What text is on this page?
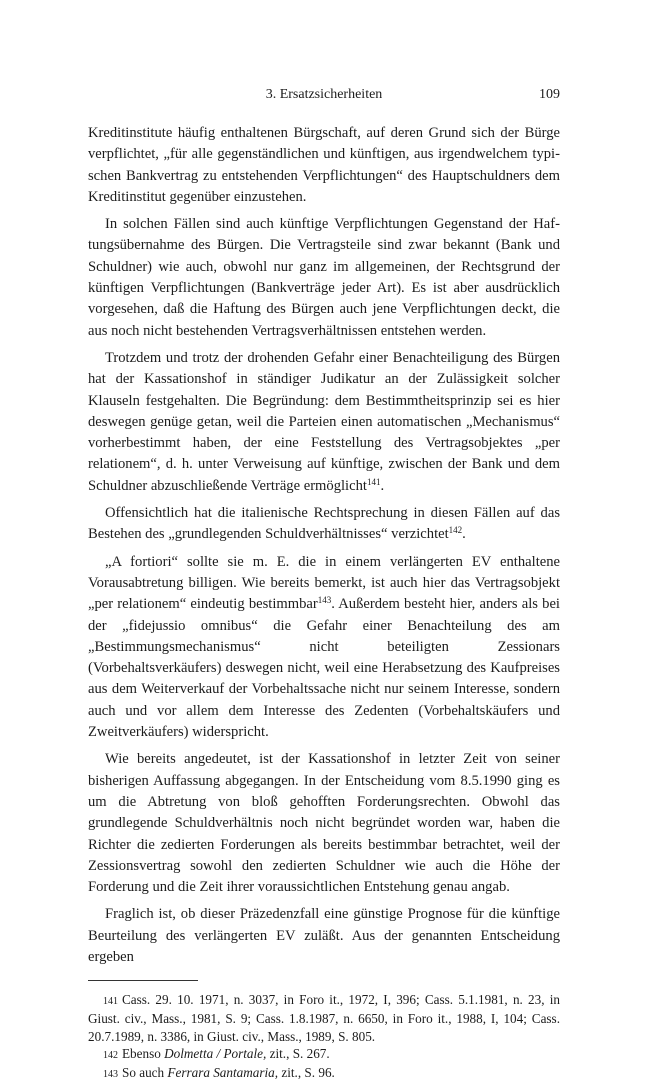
3. Ersatzsicherheiten	109

Kreditinstitute häufig enthaltenen Bürgschaft, auf deren Grund sich der Bürge verpflichtet, „für alle gegenständlichen und künftigen, aus irgendwelchem typischen Bankvertrag zu entstehenden Verpflichtungen“ des Hauptschuldners dem Kreditinstitut gegenüber einzustehen.

In solchen Fällen sind auch künftige Verpflichtungen Gegenstand der Haftungsübernahme des Bürgen. Die Vertragsteile sind zwar bekannt (Bank und Schuldner) wie auch, obwohl nur ganz im allgemeinen, der Rechtsgrund der künftigen Verpflichtungen (Bankverträge jeder Art). Es ist aber ausdrücklich vorgesehen, daß die Haftung des Bürgen auch jene Verpflichtungen deckt, die aus noch nicht bestehenden Vertragsverhältnissen entstehen werden.

Trotzdem und trotz der drohenden Gefahr einer Benachteiligung des Bürgen hat der Kassationshof in ständiger Judikatur an der Zulässigkeit solcher Klauseln festgehalten. Die Begründung: dem Bestimmtheitsprinzip sei es hier deswegen genüge getan, weil die Parteien einen automatischen „Mechanismus“ vorherbestimmt haben, der eine Feststellung des Vertragsobjektes „per relationem“, d. h. unter Verweisung auf künftige, zwischen der Bank und dem Schuldner abzuschließende Verträge ermöglicht$^{141}$.

Offensichtlich hat die italienische Rechtsprechung in diesen Fällen auf das Bestehen des „grundlegenden Schuldverhältnisses“ verzichtet$^{142}$.

„A fortiori“ sollte sie m. E. die in einem verlängerten EV enthaltene Vorausabtretung billigen. Wie bereits bemerkt, ist auch hier das Vertragsobjekt „per relationem“ eindeutig bestimmbar$^{143}$. Außerdem besteht hier, anders als bei der „fidejussio omnibus“ die Gefahr einer Benachteilung des am „Bestimmungsmechanismus“ nicht beteiligten Zessionars (Vorbehaltsverkäufers) deswegen nicht, weil eine Herabsetzung des Kaufpreises aus dem Weiterverkauf der Vorbehaltssache nicht nur seinem Interesse, sondern auch und vor allem dem Interesse des Zedenten (Vorbehaltskäufers und Zweitverkäufers) widerspricht.

Wie bereits angedeutet, ist der Kassationshof in letzter Zeit von seiner bisherigen Auffassung abgegangen. In der Entscheidung vom 8.5.1990 ging es um die Abtretung von bloß gehofften Forderungsrechten. Obwohl das grundlegende Schuldverhältnis noch nicht begründet worden war, haben die Richter die zedierten Forderungen als bereits bestimmbar betrachtet, weil der Zessionsvertrag sowohl den zedierten Schuldner wie auch die Höhe der Forderung und die Zeit ihrer voraussichtlichen Entstehung genau angab.

Fraglich ist, ob dieser Präzedenzfall eine günstige Prognose für die künftige Beurteilung des verlängerten EV zuläßt. Aus der genannten Entscheidung ergeben

141 Cass. 29. 10. 1971, n. 3037, in Foro it., 1972, I, 396; Cass. 5.1.1981, n. 23, in Giust. civ., Mass., 1981, S. 9; Cass. 1.8.1987, n. 6650, in Foro it., 1988, I, 104; Cass. 20.7.1989, n. 3386, in Giust. civ., Mass., 1989, S. 805.

142 Ebenso Dolmetta / Portale, zit., S. 267.

143 So auch Ferrara Santamaria, zit., S. 96.
